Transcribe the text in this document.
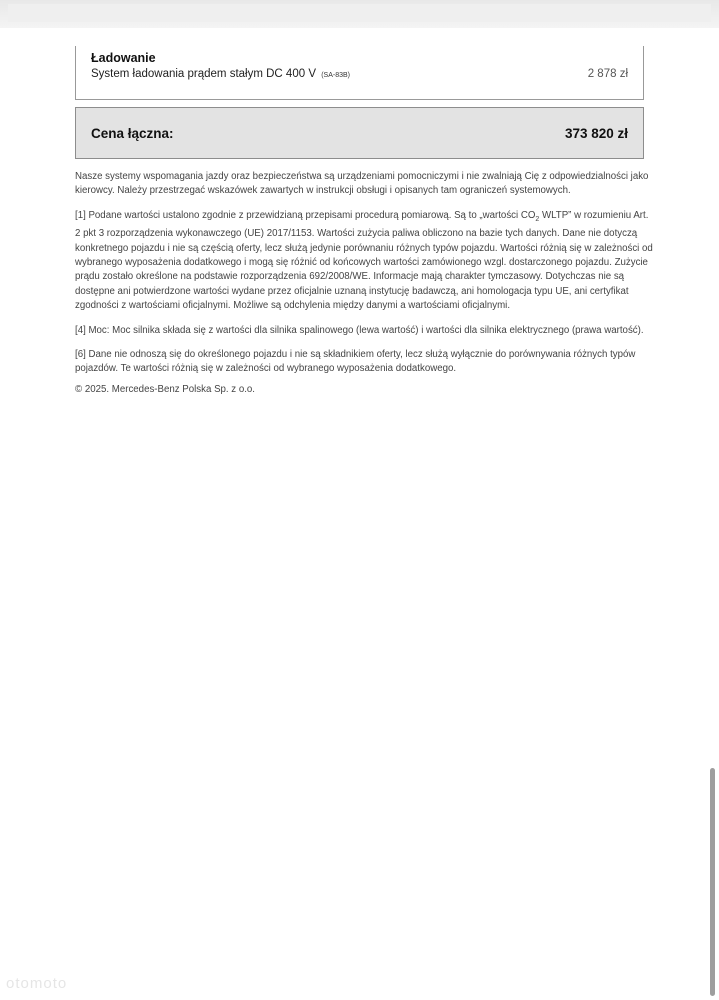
Ładowanie
System ładowania prądem stałym DC 400 V (SA-83B)	2 878 zł
Cena łączna:	373 820 zł

Nasze systemy wspomagania jazdy oraz bezpieczeństwa są urządzeniami pomocniczymi i nie zwalniają Cię z odpowiedzialności jako kierowcy. Należy przestrzegać wskazówek zawartych w instrukcji obsługi i opisanych tam ograniczeń systemowych.

[1] Podane wartości ustalono zgodnie z przewidzianą przepisami procedurą pomiarową. Są to „wartości $CO_2$ WLTP” w rozumieniu Art. 2 pkt 3 rozporządzenia wykonawczego (UE) 2017/1153. Wartości zużycia paliwa obliczono na bazie tych danych. Dane nie dotyczą konkretnego pojazdu i nie są częścią oferty, lecz służą jedynie porównaniu różnych typów pojazdu. Wartości różnią się w zależności od wybranego wyposażenia dodatkowego i mogą się różnić od końcowych wartości zamówionego wzgl. dostarczonego pojazdu. Zużycie prądu zostało określone na podstawie rozporządzenia 692/2008/WE. Informacje mają charakter tymczasowy. Dotychczas nie są dostępne ani potwierdzone wartości wydane przez oficjalnie uznaną instytucję badawczą, ani homologacja typu UE, ani certyfikat zgodności z wartościami oficjalnymi. Możliwe są odchylenia między danymi a wartościami oficjalnymi.

[4] Moc: Moc silnika składa się z wartości dla silnika spalinowego (lewa wartość) i wartości dla silnika elektrycznego (prawa wartość).

[6] Dane nie odnoszą się do określonego pojazdu i nie są składnikiem oferty, lecz służą wyłącznie do porównywania różnych typów pojazdów. Te wartości różnią się w zależności od wybranego wyposażenia dodatkowego.

© 2025. Mercedes-Benz Polska Sp. z o.o.

otomoto
